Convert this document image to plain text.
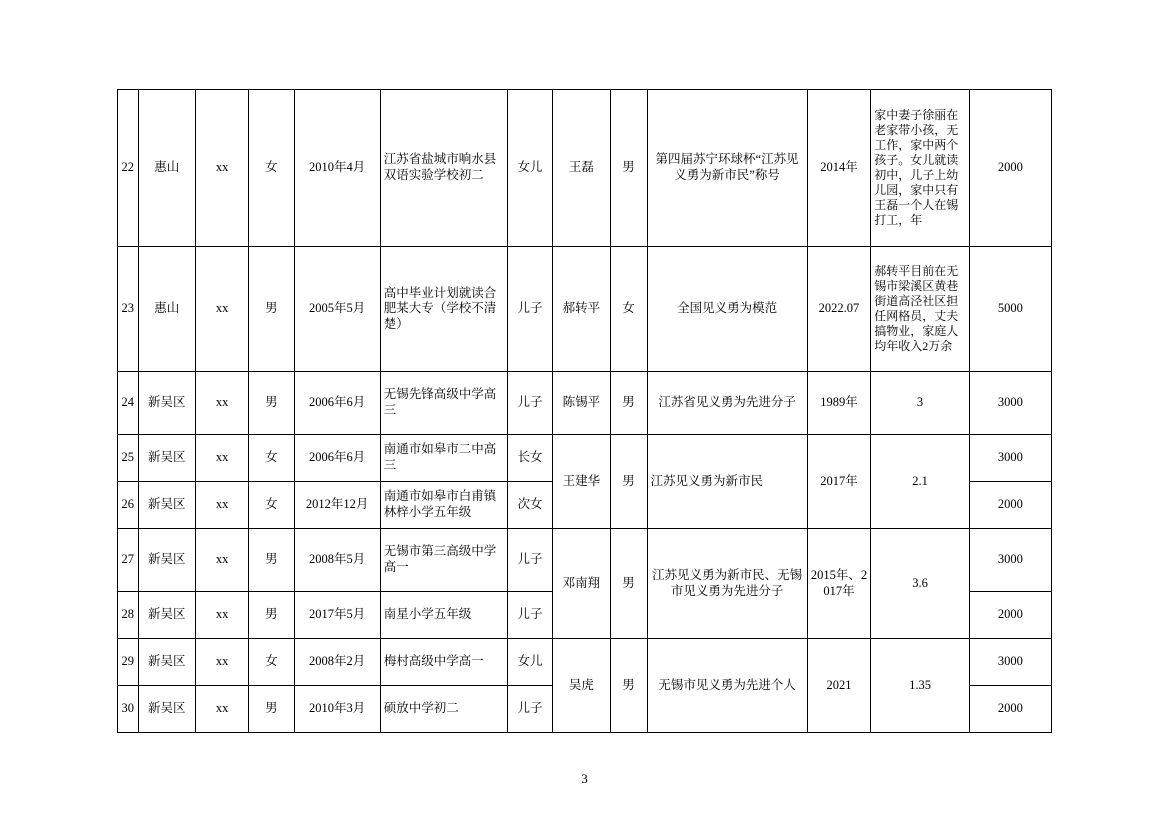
22	惠山	xx	女	2010年4月	江苏省盐城市响水县双语实验学校初二	女儿	王磊	男	第四届苏宁环球杯“江苏见义勇为新市民”称号	2014年	家中妻子徐丽在老家带小孩，无工作，家中两个孩子。女儿就读初中，儿子上幼儿园，家中只有王磊一个人在锡打工，年	2000
23	惠山	xx	男	2005年5月	高中毕业计划就读合肥某大专（学校不清楚）	儿子	郝转平	女	全国见义勇为模范	2022.07	郝转平目前在无锡市梁溪区黄巷街道高泾社区担任网格员，丈夫搞物业，家庭人均年收入2万余	5000
24	新吴区	xx	男	2006年6月	无锡先锋高级中学高三	儿子	陈锡平	男	江苏省见义勇为先进分子	1989年	3	3000
25	新吴区	xx	女	2006年6月	南通市如皋市二中高三	长女	王建华	男	江苏见义勇为新市民	2017年	2.1	3000
26	新吴区	xx	女	2012年12月	南通市如皋市白甫镇林梓小学五年级	次女						2000
27	新吴区	xx	男	2008年5月	无锡市第三高级中学高一	儿子	邓南翔	男	江苏见义勇为新市民、无锡市见义勇为先进分子	2015年、2017年	3.6	3000
28	新吴区	xx	男	2017年5月	南星小学五年级	儿子						2000
29	新吴区	xx	女	2008年2月	梅村高级中学高一	女儿	吴虎	男	无锡市见义勇为先进个人	2021	1.35	3000
30	新吴区	xx	男	2010年3月	硕放中学初二	儿子						2000
3
